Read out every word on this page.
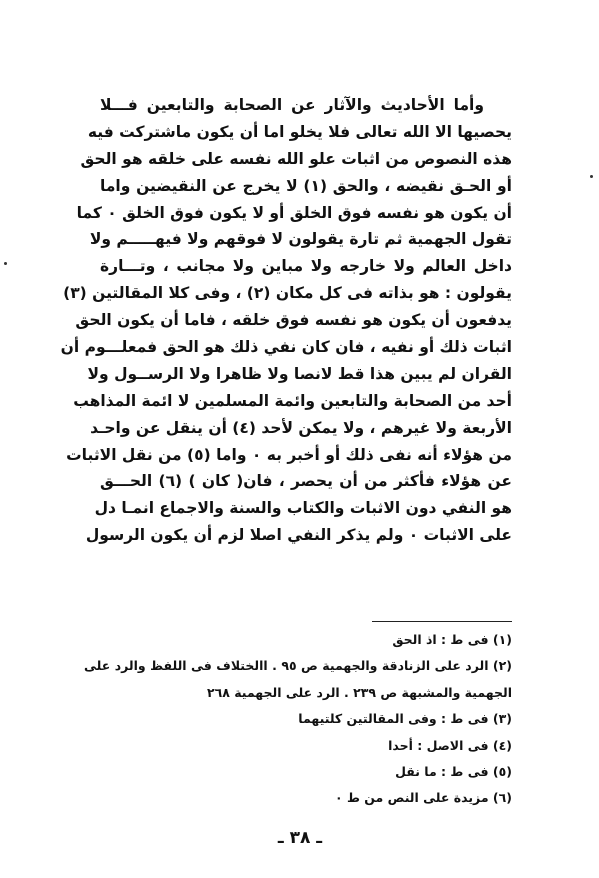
وأما الأحاديث والآثار عن الصحابة والتابعين فـــلا
يحصيها الا الله تعالى فلا يخلو اما أن يكون ماشتركت فيه
هذه النصوص من اثبات علو الله نفسه على خلقه هو الحق
أو الحـق نقيضه ، والحق (١) لا يخرج عن النقيضين واما
أن يكون هو نفسه فوق الخلق أو لا يكون فوق الخلق ٠ كما
تقول الجهمية ثم تارة يقولون لا فوقهم ولا فيهـــــم ولا
داخل العالم ولا خارجه ولا مباين ولا مجانب ، وتـــارة
يقولون : هو بذاته فى كل مكان (٢) ، وفى كلا المقالتين (٣)
يدفعون أن يكون هو نفسه فوق خلقه ، فاما أن يكون الحق
اثبات ذلك أو نفيه ، فان كان نفي ذلك هو الحق فمعلـــوم أن
القران لم يبين هذا قط لانصا ولا ظاهرا ولا الرســول ولا
أحد من الصحابة والتابعين وائمة المسلمين لا ائمة المذاهب
الأربعة ولا غيرهم ، ولا يمكن لأحد (٤) أن ينقل عن واحـد
من هؤلاء أنه نفى ذلك أو أخبر به ٠ واما (٥) من نقل الاثبات
عن هؤلاء فأكثر من أن يحصر ، فان( كان ) (٦) الحـــق
هو النفي دون الاثبات والكتاب والسنة والاجماع انمـا دل
على الاثبات ٠ ولم يذكر النفي اصلا لزم أن يكون الرسول
(١) فى ط : اذ الحق
(٢) الرد على الزنادقة والجهمية ص ٩٥ . االختلاف فى اللفظ والرد على
الجهمية والمشبهة ص ٢٣٩ . الرد على الجهمية ٢٦٨
(٣) فى ط : وفى المقالتين كلتيهما
(٤) فى الاصل : أحدا
(٥) فى ط : ما نقل
(٦) مزيدة على النص من ط ٠
ـ ٣٨ ـ
